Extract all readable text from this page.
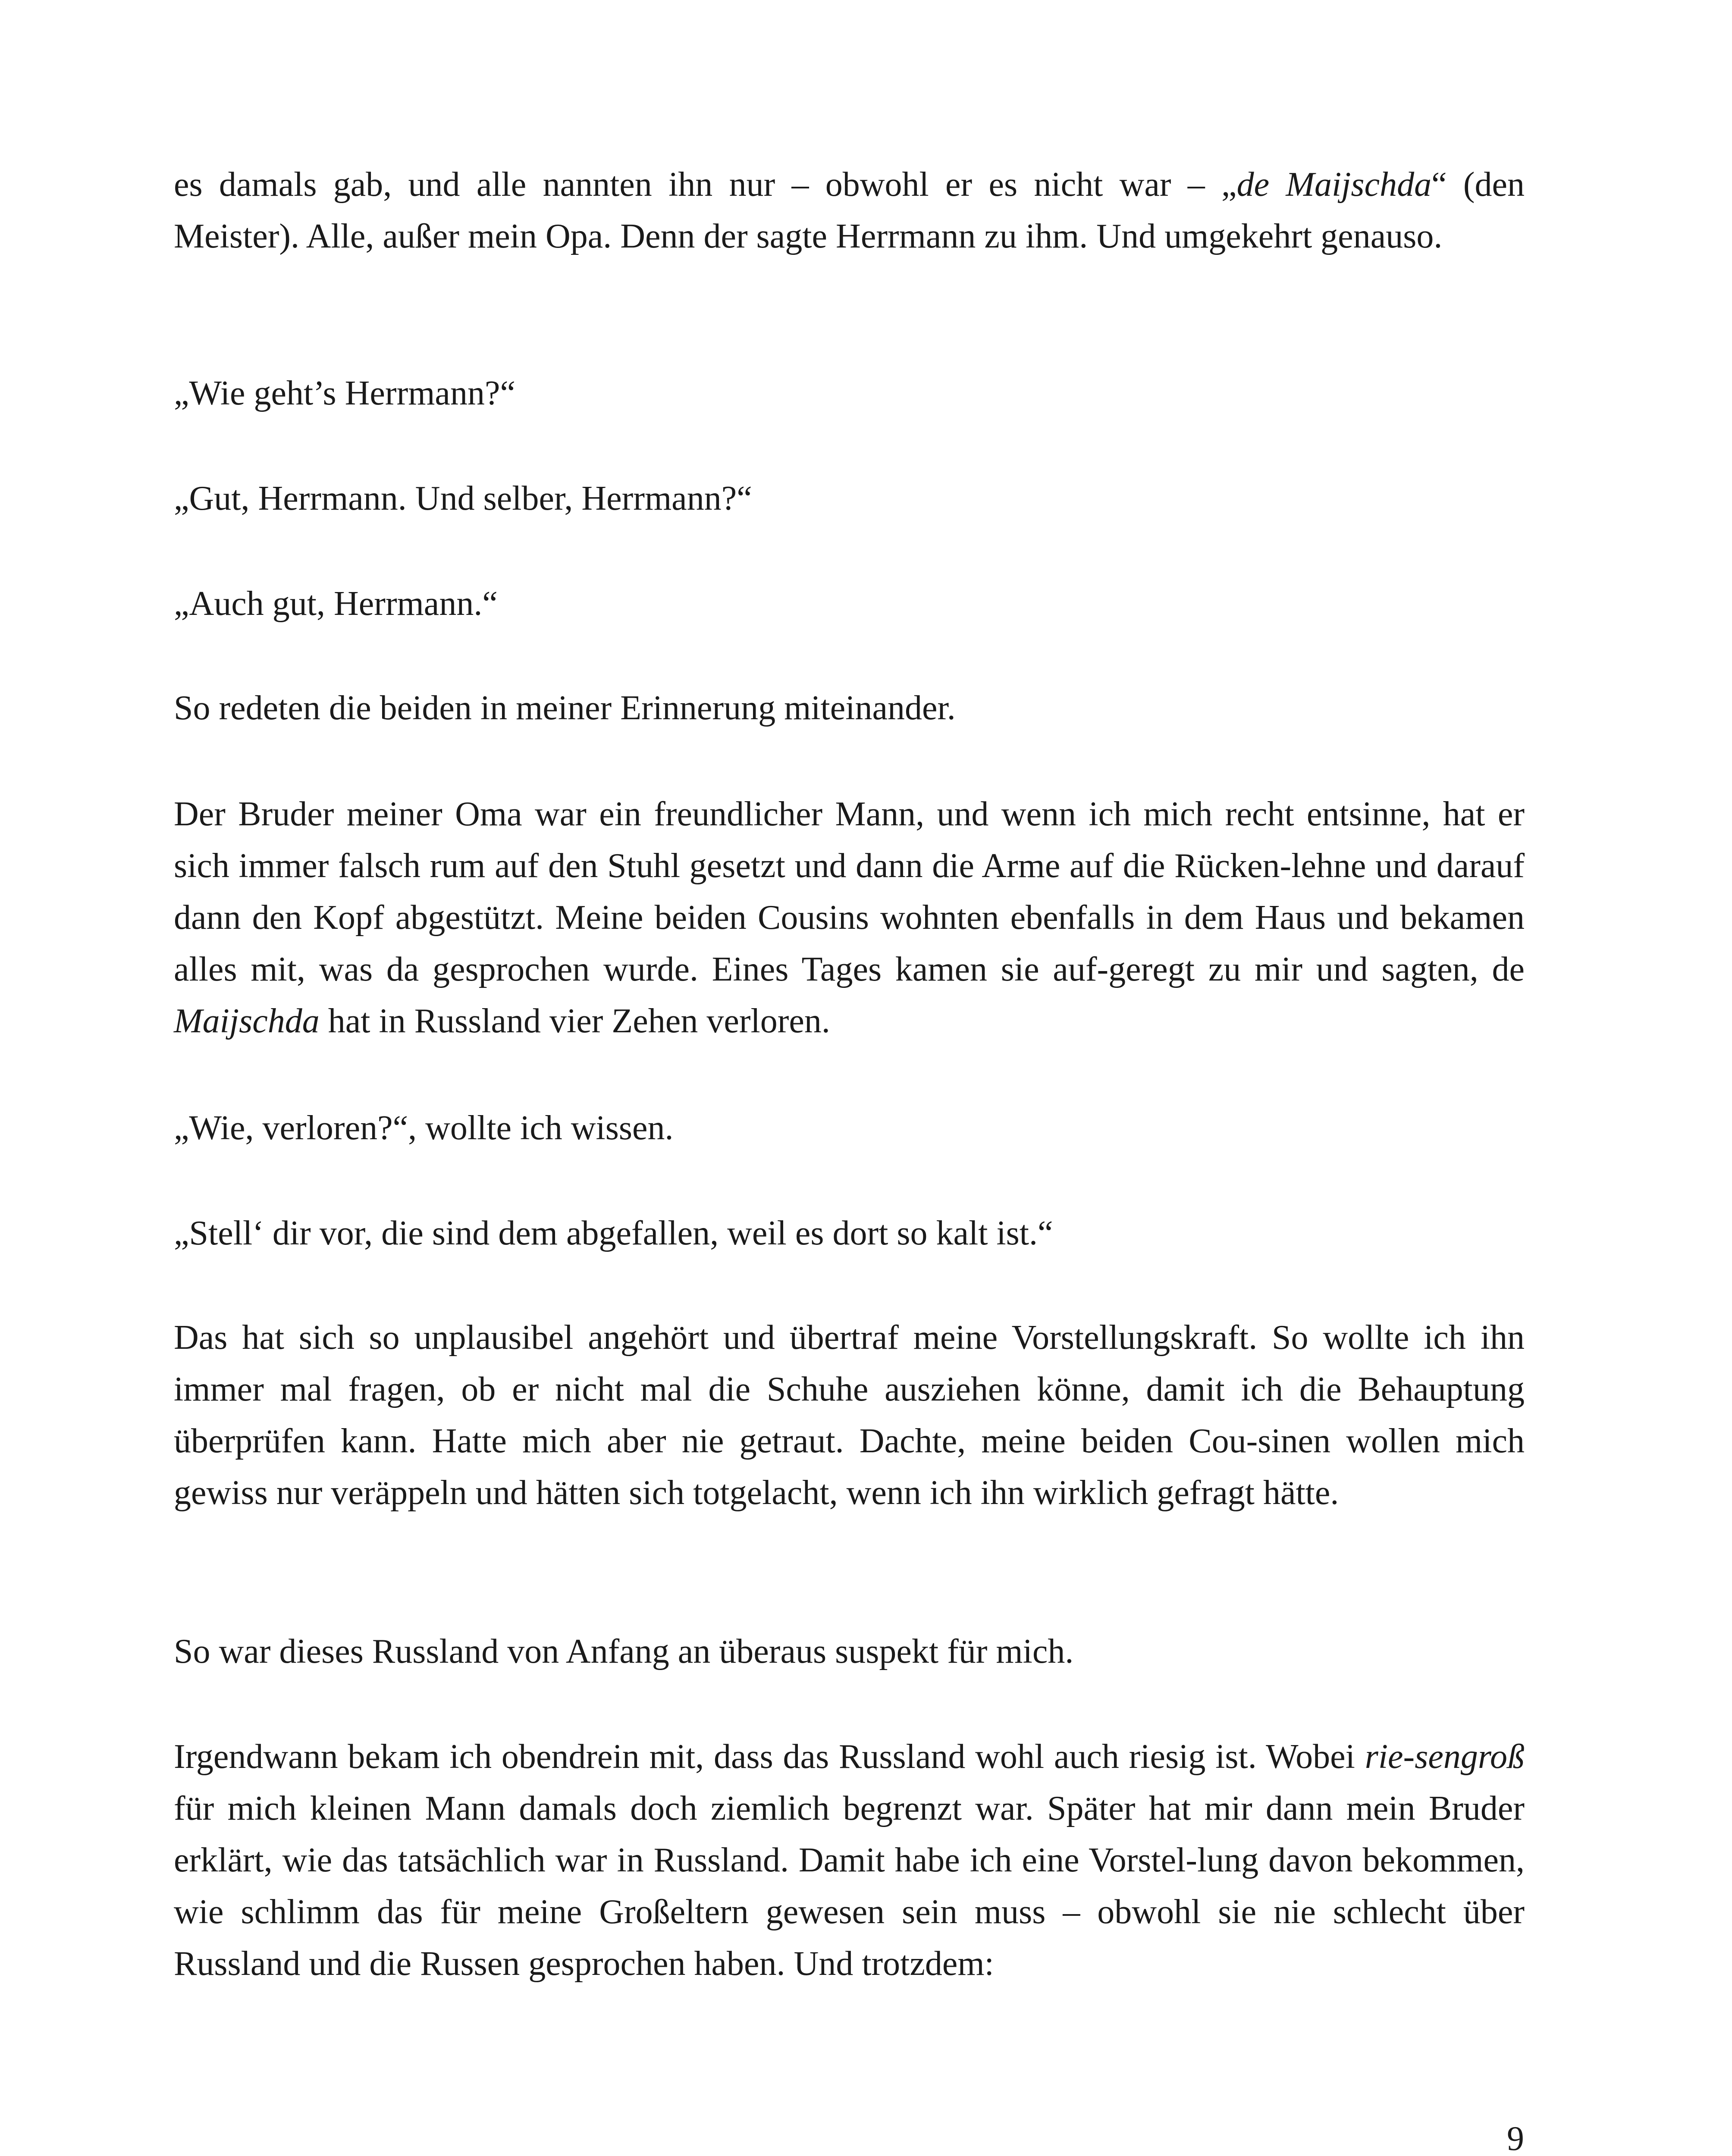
es damals gab, und alle nannten ihn nur – obwohl er es nicht war – „de Maijschda“ (den Meister). Alle, außer mein Opa. Denn der sagte Herrmann zu ihm. Und umgekehrt genauso.

„Wie geht’s Herrmann?“

„Gut, Herrmann. Und selber, Herrmann?“

„Auch gut, Herrmann.“

So redeten die beiden in meiner Erinnerung miteinander.

Der Bruder meiner Oma war ein freundlicher Mann, und wenn ich mich recht entsinne, hat er sich immer falsch rum auf den Stuhl gesetzt und dann die Arme auf die Rücken-lehne und darauf dann den Kopf abgestützt. Meine beiden Cousins wohnten ebenfalls in dem Haus und bekamen alles mit, was da gesprochen wurde. Eines Tages kamen sie auf-geregt zu mir und sagten, de Maijschda hat in Russland vier Zehen verloren.

„Wie, verloren?“, wollte ich wissen.

„Stell‘ dir vor, die sind dem abgefallen, weil es dort so kalt ist.“

Das hat sich so unplausibel angehört und übertraf meine Vorstellungskraft. So wollte ich ihn immer mal fragen, ob er nicht mal die Schuhe ausziehen könne, damit ich die Behauptung überprüfen kann. Hatte mich aber nie getraut. Dachte, meine beiden Cou-sinen wollen mich gewiss nur veräppeln und hätten sich totgelacht, wenn ich ihn wirklich gefragt hätte.

So war dieses Russland von Anfang an überaus suspekt für mich.

Irgendwann bekam ich obendrein mit, dass das Russland wohl auch riesig ist. Wobei rie-sengroß für mich kleinen Mann damals doch ziemlich begrenzt war. Später hat mir dann mein Bruder erklärt, wie das tatsächlich war in Russland. Damit habe ich eine Vorstel-lung davon bekommen, wie schlimm das für meine Großeltern gewesen sein muss – obwohl sie nie schlecht über Russland und die Russen gesprochen haben. Und trotzdem:

9
